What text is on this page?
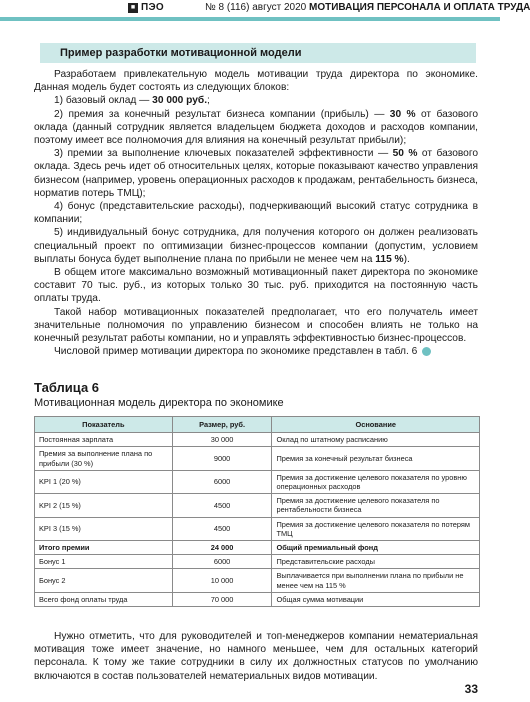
■ ПЭО	№ 8 (116) август 2020 МОТИВАЦИЯ ПЕРСОНАЛА И ОПЛАТА ТРУДА
Пример разработки мотивационной модели

Разработаем привлекательную модель мотивации труда директора по экономике. Данная модель будет состоять из следующих блоков:

1) базовый оклад — 30 000 руб.;

2) премия за конечный результат бизнеса компании (прибыль) — 30 % от базового оклада (данный сотрудник является владельцем бюджета доходов и расходов компании, поэтому имеет все полномочия для влияния на конечный результат прибыли);

3) премии за выполнение ключевых показателей эффективности — 50 % от базового оклада. Здесь речь идет об относительных целях, которые показывают качество управления бизнесом (например, уровень операционных расходов к продажам, рентабельность бизнеса, норматив потерь ТМЦ);

4) бонус (представительские расходы), подчеркивающий высокий статус сотрудника в компании;

5) индивидуальный бонус сотрудника, для получения которого он должен реализовать специальный проект по оптимизации бизнес-процессов компании (допустим, условием выплаты бонуса будет выполнение плана по прибыли не менее чем на 115 %).

В общем итоге максимально возможный мотивационный пакет директора по экономике составит 70 тыс. руб., из которых только 30 тыс. руб. приходится на постоянную часть оплаты труда.

Такой набор мотивационных показателей предполагает, что его получатель имеет значительные полномочия по управлению бизнесом и способен влиять не только на конечный результат работы компании, но и управлять эффективностью бизнес-процессов.

Числовой пример мотивации директора по экономике представлен в табл. 6

Таблица 6
Мотивационная модель директора по экономике
Показатель	Размер, руб.	Основание
Постоянная зарплата	30 000	Оклад по штатному расписанию
Премия за выполнение плана по прибыли (30 %)	9000	Премия за конечный результат бизнеса
KPI 1 (20 %)	6000	Премия за достижение целевого показателя по уровню операционных расходов
KPI 2 (15 %)	4500	Премия за достижение целевого показателя по рентабельности бизнеса
KPI 3 (15 %)	4500	Премия за достижение целевого показателя по потерям ТМЦ
Итого премии	24 000	Общий премиальный фонд
Бонус 1	6000	Представительские расходы
Бонус 2	10 000	Выплачивается при выполнении плана по прибыли не менее чем на 115 %
Всего фонд оплаты труда	70 000	Общая сумма мотивации

Нужно отметить, что для руководителей и топ-менеджеров компании нематериальная мотивация тоже имеет значение, но намного меньшее, чем для остальных категорий персонала. К тому же такие сотрудники в силу их должностных статусов по умолчанию включаются в состав пользователей нематериальных видов мотивации.

33
